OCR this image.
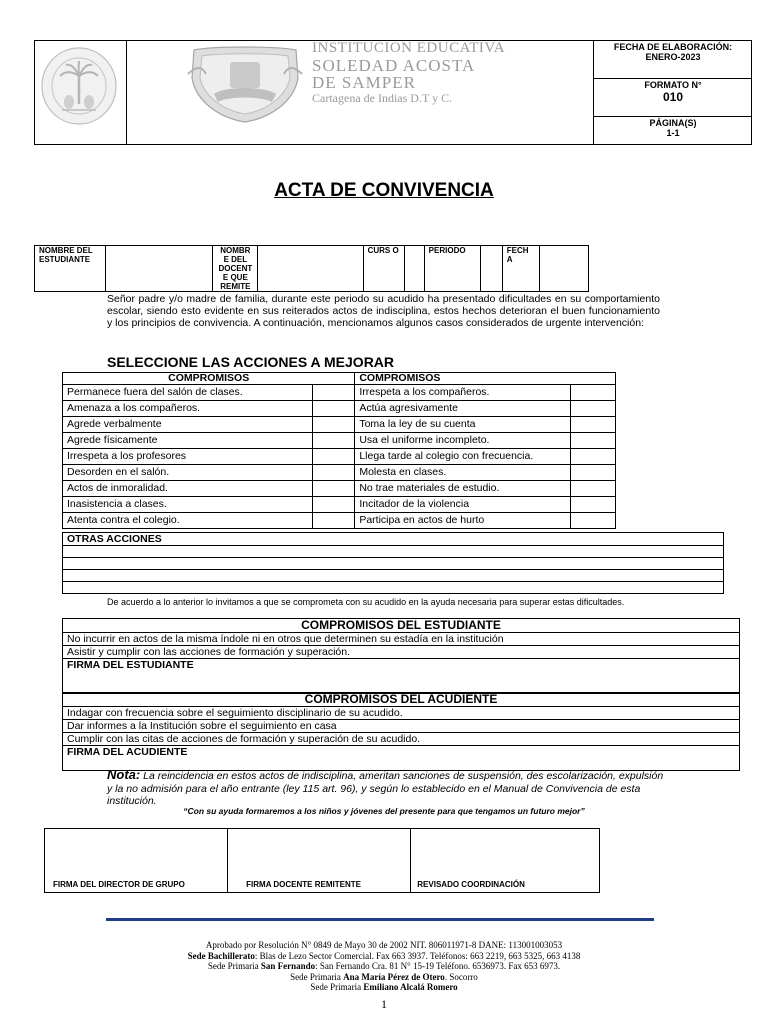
INSTITUCION EDUCATIVA
SOLEDAD ACOSTA
DE SAMPER
Cartagena de Indias D.T y C.
FECHA DE ELABORACIÓN:
ENERO-2023
FORMATO N°
010
PÁGINA(S)
1-1
ACTA DE CONVIVENCIA
NOMBRE DEL ESTUDIANTE		NOMBR E DEL DOCENT E QUE REMITE		CURS O		PERIODO		FECH A	
Señor padre y/o madre de familia, durante este periodo su acudido ha presentado dificultades en su comportamiento escolar, siendo esto evidente en sus reiterados actos de indisciplina, estos hechos deterioran el buen funcionamiento y los principios de convivencia. A continuación, mencionamos algunos casos considerados de urgente intervención:
SELECCIONE LAS ACCIONES A MEJORAR
COMPROMISOS		COMPROMISOS	
Permanece fuera del salón de clases.		Irrespeta a los compañeros.	
Amenaza a los compañeros.		Actúa agresivamente	
Agrede verbalmente		Toma la ley de su cuenta	
Agrede físicamente		Usa el uniforme incompleto.	
Irrespeta a los profesores		Llega tarde al colegio con frecuencia.	
Desorden en el salón.		Molesta en clases.	
Actos de inmoralidad.		No trae materiales de estudio.	
Inasistencia a clases.		Incitador de la violencia	
Atenta contra el colegio.		Participa en actos de hurto	
OTRAS ACCIONES

De acuerdo a lo anterior lo invitamos a que se comprometa con su acudido en la ayuda necesaria para superar estas dificultades.
COMPROMISOS DEL ESTUDIANTE
No incurrir en actos de la misma índole ni en otros que determinen su estadía en la institución
Asistir y cumplir con las acciones de formación y superación.
FIRMA DEL ESTUDIANTE
COMPROMISOS DEL ACUDIENTE
Indagar con frecuencia sobre el seguimiento disciplinario de su acudido.
Dar informes a la Institución sobre el seguimiento en casa
Cumplir con las citas de acciones de formación y superación de su acudido.
FIRMA DEL ACUDIENTE
Nota: La reincidencia en estos actos de indisciplina, ameritan sanciones de suspensión, des escolarización, expulsión y la no admisión para el año entrante (ley 115 art. 96), y según lo establecido en el Manual de Convivencia de esta institución.
“Con su ayuda formaremos a los niños y jóvenes del presente para que tengamos un futuro mejor”
FIRMA DEL DIRECTOR DE GRUPO	FIRMA DOCENTE REMITENTE	REVISADO COORDINACIÓN
Aprobado por Resolución N° 0849 de Mayo 30 de 2002 NIT. 806011971-8 DANE: 113001003053
Sede Bachillerato: Blas de Lezo Sector Comercial. Fax 663 3937. Teléfonos: 663 2219, 663 5325, 663 4138
Sede Primaria San Fernando: San Fernando Cra. 81 N° 15-19 Teléfono. 6536973. Fax 653 6973.
Sede Primaria Ana María Pérez de Otero. Socorro
Sede Primaria Emiliano Alcalá Romero
1
